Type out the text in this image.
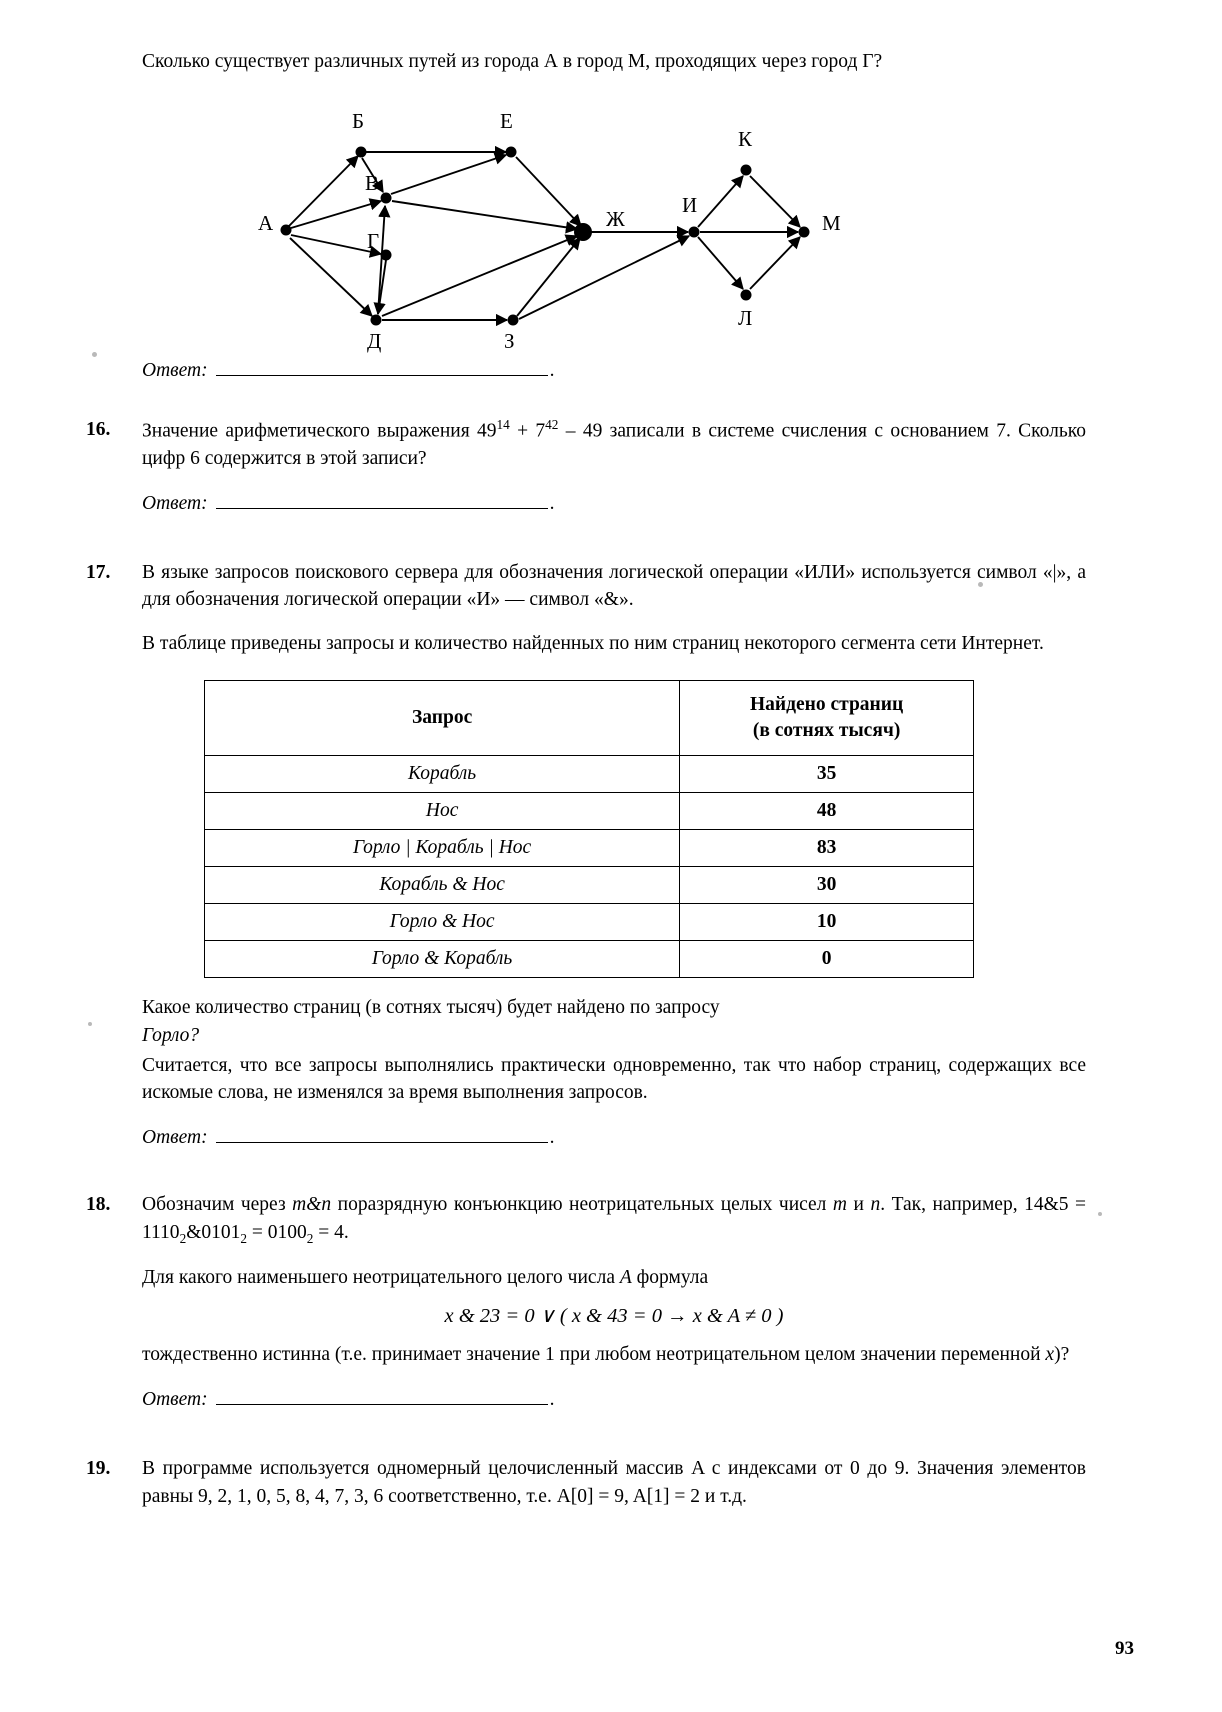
Сколько существует различных путей из города А в город М, проходящих через город Г?
А
Б
В
Г
Д
Е
З
Ж
И
К
Л
М
Ответ:	.
16.	Значение арифметического выражения $49^{14} + 7^{42} - 49$ записали в системе счисления с основанием 7. Сколько цифр 6 содержится в этой записи?
Ответ:	.
17.	В языке запросов поискового сервера для обозначения логической операции «ИЛИ» используется символ «|», а для обозначения логической операции «И» — символ «&».
В таблице приведены запросы и количество найденных по ним страниц некоторого сегмента сети Интернет.
Запрос	Найдено страниц
(в сотнях тысяч)

Корабль	35
Нос	48
Горло | Корабль | Нос	83
Корабль & Нос	30
Горло & Нос	10
Горло & Корабль	0
Какое количество страниц (в сотнях тысяч) будет найдено по запросу
Горло?
Считается, что все запросы выполнялись практически одновременно, так что набор страниц, содержащих все искомые слова, не изменялся за время выполнения запросов.
Ответ:	.
18.	Обозначим через m&n поразрядную конъюнкцию неотрицательных целых чисел m и n. Так, например, 14&5 = $1110_2\&0101_2 = 0100_2 = 4$.
Для какого наименьшего неотрицательного целого числа A формула
x & 23 = 0 ∨ ( x & 43 = 0 → x & A ≠ 0 )
тождественно истинна (т.е. принимает значение 1 при любом неотрицательном целом значении переменной x)?
Ответ:	.
19.	В программе используется одномерный целочисленный массив A с индексами от 0 до 9. Значения элементов равны 9, 2, 1, 0, 5, 8, 4, 7, 3, 6 соответственно, т.е. A[0] = 9, A[1] = 2 и т.д.
93
